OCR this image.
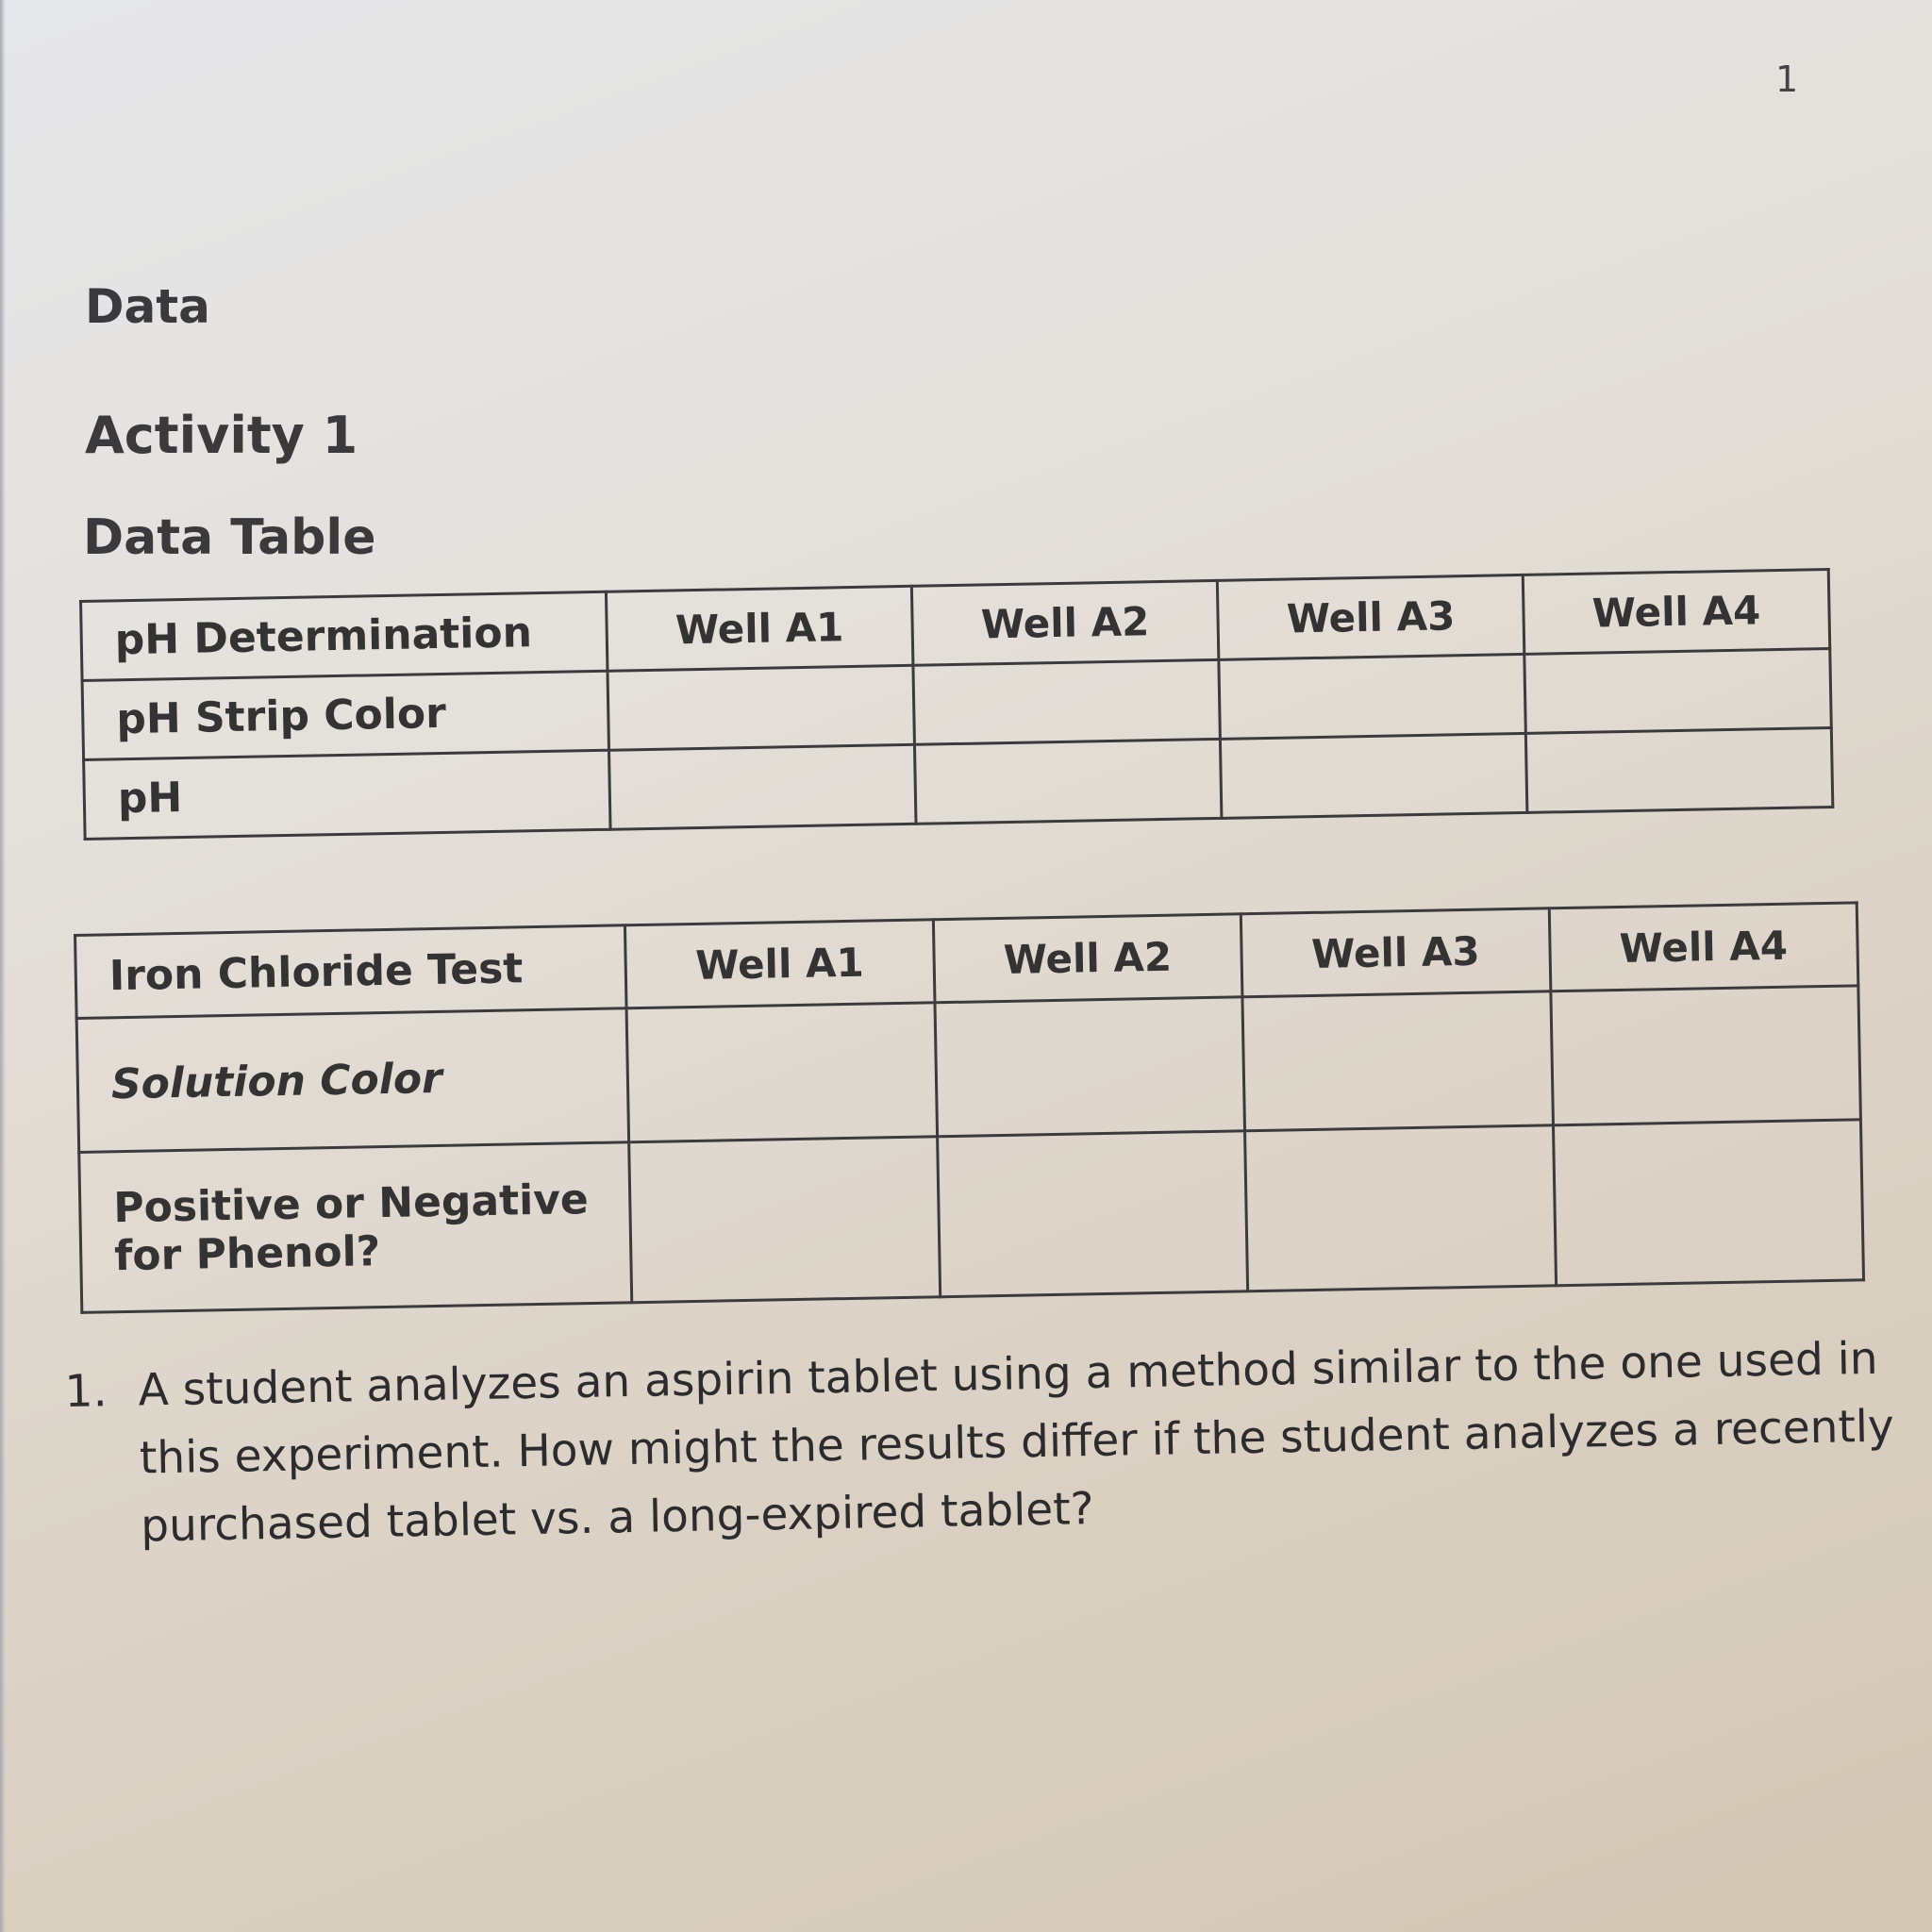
1
Data
Activity 1
Data Table
pH Determination	Well A1	Well A2	Well A3	Well A4
pH Strip Color				
pH				
Iron Chloride Test	Well A1	Well A2	Well A3	Well A4
Solution Color				
Positive or Negative for Phenol?				
1. A student analyzes an aspirin tablet using a method similar to the one used in this experiment. How might the results differ if the student analyzes a recently purchased tablet vs. a long-expired tablet?
